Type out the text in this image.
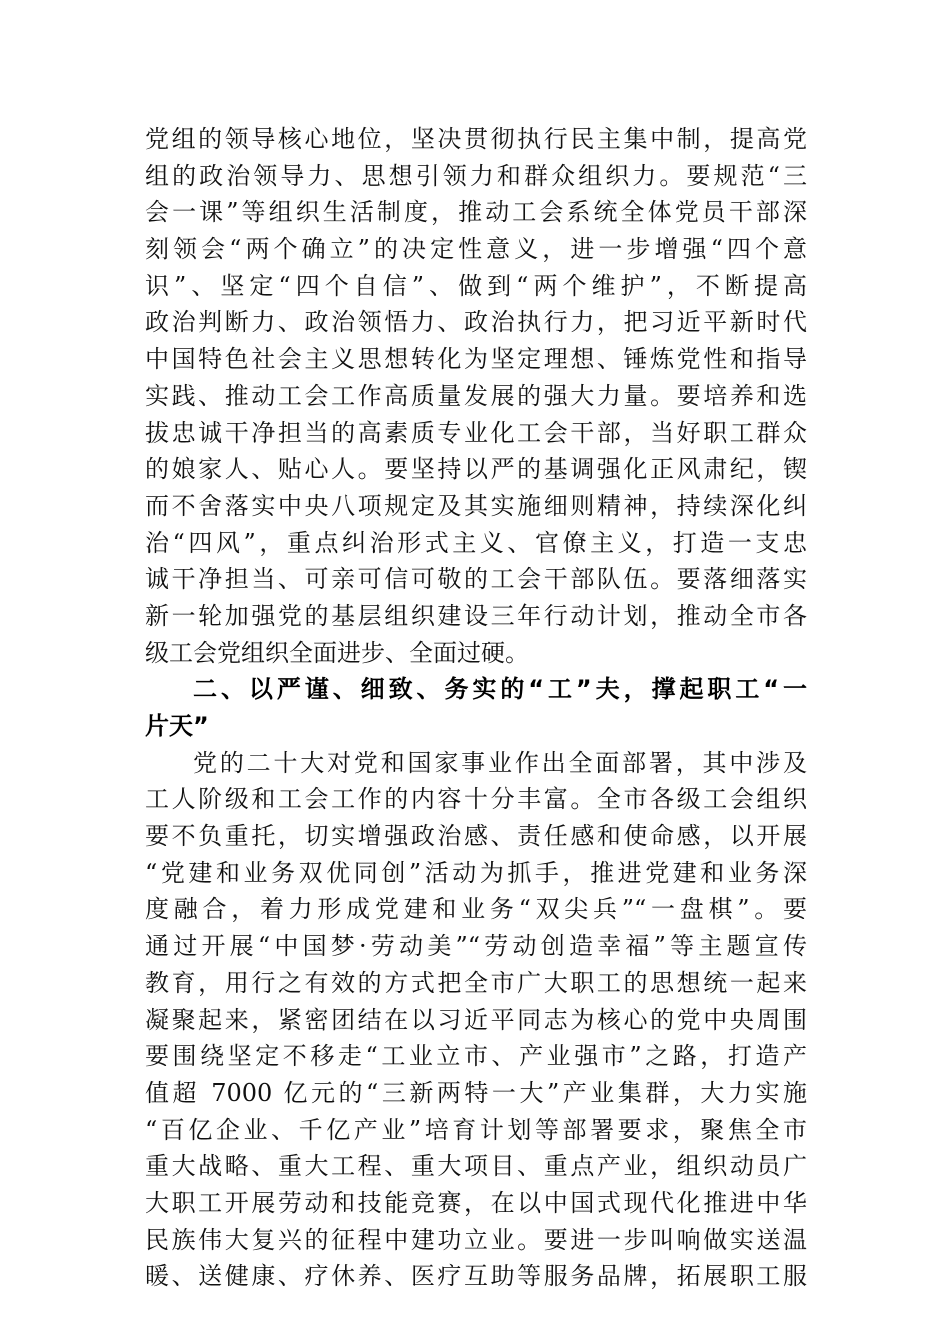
党组的领导核心地位，坚决贯彻执行民主集中制，提高党
组的政治领导力、思想引领力和群众组织力。要规范“三
会一课”等组织生活制度，推动工会系统全体党员干部深
刻领会“两个确立”的决定性意义，进一步增强“四个意
识”、坚定“四个自信”、做到“两个维护”，不断提高
政治判断力、政治领悟力、政治执行力，把习近平新时代
中国特色社会主义思想转化为坚定理想、锤炼党性和指导
实践、推动工会工作高质量发展的强大力量。要培养和选
拔忠诚干净担当的高素质专业化工会干部，当好职工群众
的娘家人、贴心人。要坚持以严的基调强化正风肃纪，锲
而不舍落实中央八项规定及其实施细则精神，持续深化纠
治“四风”，重点纠治形式主义、官僚主义，打造一支忠
诚干净担当、可亲可信可敬的工会干部队伍。要落细落实
新一轮加强党的基层组织建设三年行动计划，推动全市各
级工会党组织全面进步、全面过硬。
二、以严谨、细致、务实的“工”夫，撑起职工“一
片天”
党的二十大对党和国家事业作出全面部署，其中涉及
工人阶级和工会工作的内容十分丰富。全市各级工会组织
要不负重托，切实增强政治感、责任感和使命感，以开展
“党建和业务双优同创”活动为抓手，推进党建和业务深
度融合，着力形成党建和业务“双尖兵”“一盘棋”。要
通过开展“中国梦·劳动美”“劳动创造幸福”等主题宣传
教育，用行之有效的方式把全市广大职工的思想统一起来
凝聚起来，紧密团结在以习近平同志为核心的党中央周围
要围绕坚定不移走“工业立市、产业强市”之路，打造产
值超 7000 亿元的“三新两特一大”产业集群，大力实施
“百亿企业、千亿产业”培育计划等部署要求，聚焦全市
重大战略、重大工程、重大项目、重点产业，组织动员广
大职工开展劳动和技能竞赛，在以中国式现代化推进中华
民族伟大复兴的征程中建功立业。要进一步叫响做实送温
暖、送健康、疗休养、医疗互助等服务品牌，拓展职工服
